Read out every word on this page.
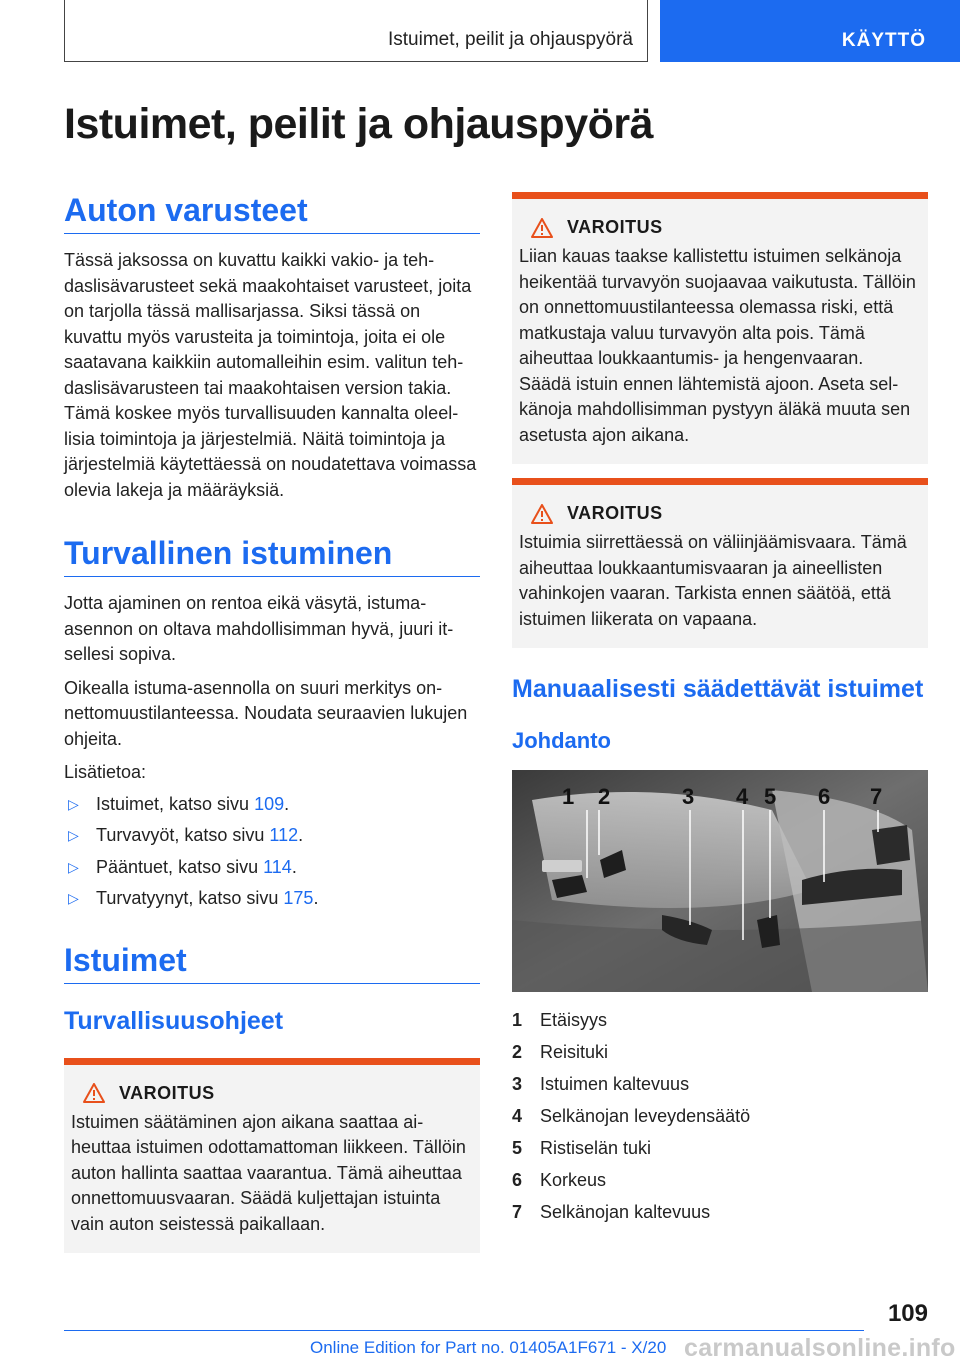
Istuimet, peilit ja ohjauspyörä	KÄYTTÖ
Istuimet, peilit ja ohjauspyörä
Auton varusteet

Tässä jaksossa on kuvattu kaikki vakio- ja tehdaslisävarusteet sekä maakohtaiset varusteet, joita on tarjolla tässä mallisarjassa. Siksi tässä on kuvattu myös varusteita ja toimintoja, joita ei ole saatavana kaikkiin automalleihin esim. valitun tehdaslisävarusteen tai maakohtaisen version takia. Tämä koskee myös turvallisuuden kannalta oleellisia toimintoja ja järjestelmiä. Näitä toimintoja ja järjestelmiä käytettäessä on noudatettava voimassa olevia lakeja ja määräyksiä.

Turvallinen istuminen

Jotta ajaminen on rentoa eikä väsytä, istuma-asennon on oltava mahdollisimman hyvä, juuri itsellesi sopiva.

Oikealla istuma-asennolla on suuri merkitys onnettomuustilanteessa. Noudata seuraavien lukujen ohjeita.

Lisätietoa:

▷ Istuimet, katso sivu 109.
▷ Turvavyöt, katso sivu 112.
▷ Pääntuet, katso sivu 114.
▷ Turvatyynyt, katso sivu 175.
Istuimet
Turvallisuusohjeet
VAROITUS

Istuimen säätäminen ajon aikana saattaa aiheuttaa istuimen odottamattoman liikkeen. Tällöin auton hallinta saattaa vaarantua. Tämä aiheuttaa onnettomuusvaaran. Säädä kuljettajan istuinta vain auton seistessä paikallaan.

VAROITUS

Liian kauas taakse kallistettu istuimen selkänoja heikentää turvavyön suojaavaa vaikutusta. Tällöin on onnettomuustilanteessa olemassa riski, että matkustaja valuu turvavyön alta pois. Tämä aiheuttaa loukkaantumis- ja hengenvaaran. Säädä istuin ennen lähtemistä ajoon. Aseta selkänoja mahdollisimman pystyyn äläkä muuta sen asetusta ajon aikana.

VAROITUS

Istuimia siirrettäessä on väliinjäämisvaara. Tämä aiheuttaa loukkaantumisvaaran ja aineellisten vahinkojen vaaran. Tarkista ennen säätöä, että istuimen liikerata on vapaana.

Manuaalisesti säädettävät istuimet
Johdanto
1 2	3 4 5 6 7
1 Etäisyys
2 Reisituki
3 Istuimen kaltevuus
4 Selkänojan leveydensäätö
5 Ristiselän tuki
6 Korkeus
7 Selkänojan kaltevuus
109
Online Edition for Part no. 01405A1F671 - X/20 carmanualsonline.info
